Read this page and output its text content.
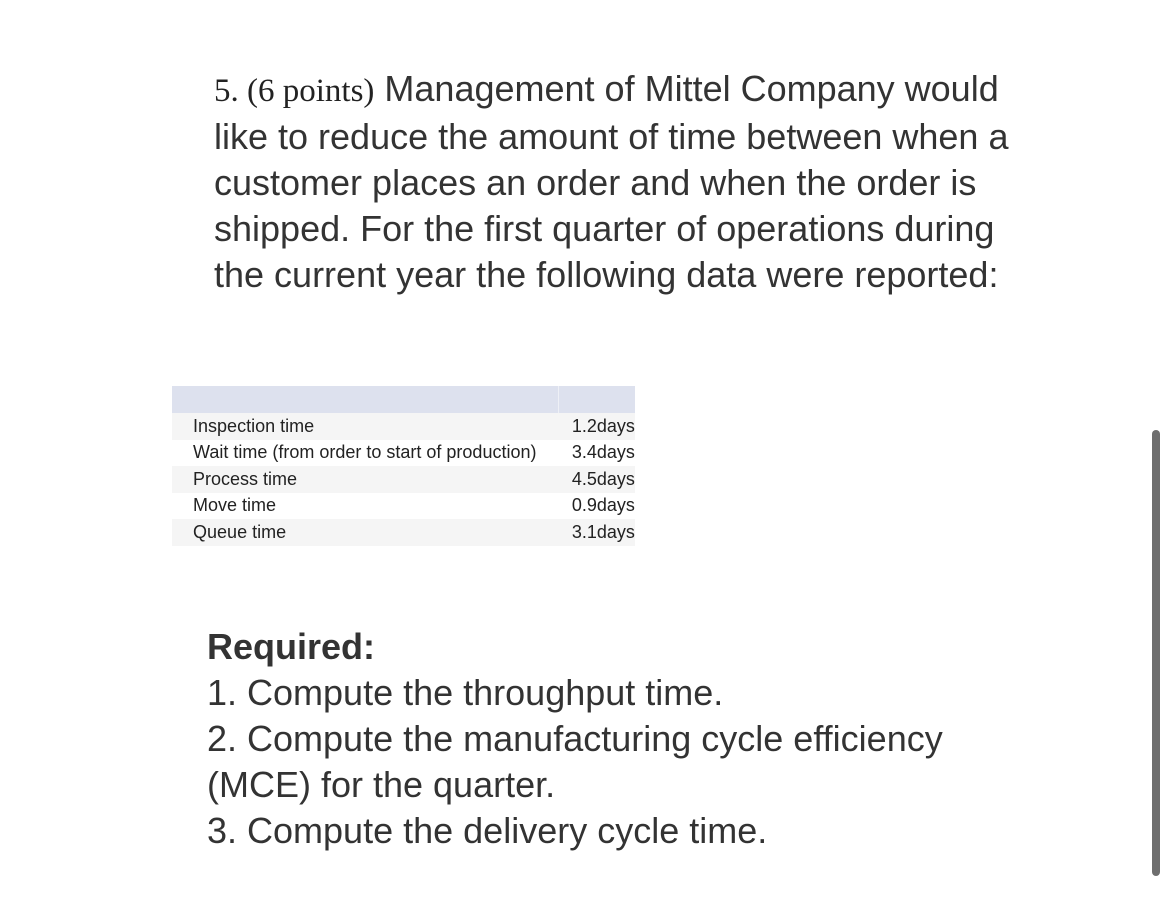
5. (6 points) Management of Mittel Company would like to reduce the amount of time between when a customer places an order and when the order is shipped. For the first quarter of operations during the current year the following data were reported:

	Inspection time	1.2	days
	Wait time (from order to start of production)	3.4	days
	Process time	4.5	days
	Move time	0.9	days
	Queue time	3.1	days
Required:
1. Compute the throughput time.
2. Compute the manufacturing cycle efficiency (MCE) for the quarter.
3. Compute the delivery cycle time.
